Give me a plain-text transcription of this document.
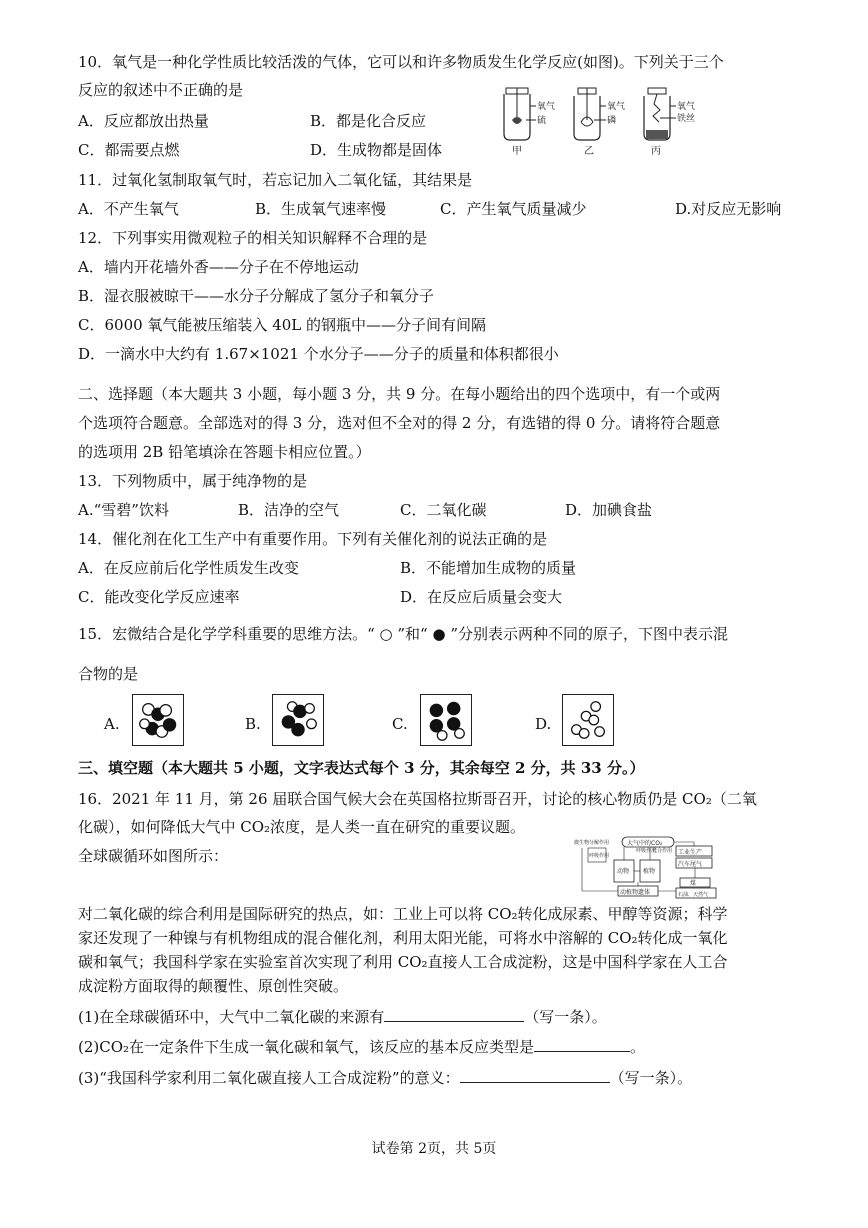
10．氧气是一种化学性质比较活泼的气体，它可以和许多物质发生化学反应(如图)。下列关于三个
反应的叙述中不正确的是
A．反应都放出热量	B．都是化合反应
C．都需要点燃	D．生成物都是固体
氧气
硫
甲
氧气
磷
乙
氧气
铁丝
丙
11．过氧化氢制取氧气时，若忘记加入二氧化锰，其结果是
A．不产生氧气	B．生成氧气速率慢	C．产生氧气质量减少	D.对反应无影响
12．下列事实用微观粒子的相关知识解释不合理的是
A．墙内开花墙外香——分子在不停地运动
B．湿衣服被晾干——水分子分解成了氢分子和氧分子
C．6000 氧气能被压缩装入 40L 的钢瓶中——分子间有间隔
D．一滴水中大约有 1.67×1021 个水分子——分子的质量和体积都很小
二、选择题（本大题共 3 小题，每小题 3 分，共 9 分。在每小题给出的四个选项中，有一个或两
个选项符合题意。全部选对的得 3 分，选对但不全对的得 2 分，有选错的得 0 分。请将符合题意
的选项用 2B 铅笔填涂在答题卡相应位置。）
13．下列物质中，属于纯净物的是
A.“雪碧”饮料	B．洁净的空气	C．二氧化碳	D．加碘食盐
14．催化剂在化工生产中有重要作用。下列有关催化剂的说法正确的是
A．在反应前后化学性质发生改变	B．不能增加生成物的质量
C．能改变化学反应速率	D．在反应后质量会变大
15．宏微结合是化学学科重要的思维方法。“ ○ ”和“ ● ”分别表示两种不同的原子，下图中表示混
合物的是
A.	B.	C.	D.
三、填空题（本大题共 5 小题，文字表达式每个 3 分，其余每空 2 分，共 33 分。）
16．2021 年 11 月，第 26 届联合国气候大会在英国格拉斯哥召开，讨论的核心物质仍是 CO₂（二氧
化碳），如何降低大气中 CO₂浓度，是人类一直在研究的重要议题。
全球碳循环如图所示：
大气中的CO₂
微生物分解作用
呼吸作用
动物
呼吸作用
光合作用
植物
工业生产
汽车尾气
动植物遗体
煤
石油、天然气
对二氧化碳的综合利用是国际研究的热点，如：工业上可以将 CO₂转化成尿素、甲醇等资源；科学
家还发现了一种镍与有机物组成的混合催化剂，利用太阳光能，可将水中溶解的 CO₂转化成一氧化
碳和氧气；我国科学家在实验室首次实现了利用 CO₂直接人工合成淀粉，这是中国科学家在人工合
成淀粉方面取得的颠覆性、原创性突破。
(1)在全球碳循环中，大气中二氧化碳的来源有	（写一条）。
(2)CO₂在一定条件下生成一氧化碳和氧气，该反应的基本反应类型是	。
(3)“我国科学家利用二氧化碳直接人工合成淀粉”的意义：	（写一条）。
试卷第 2页，共 5页
